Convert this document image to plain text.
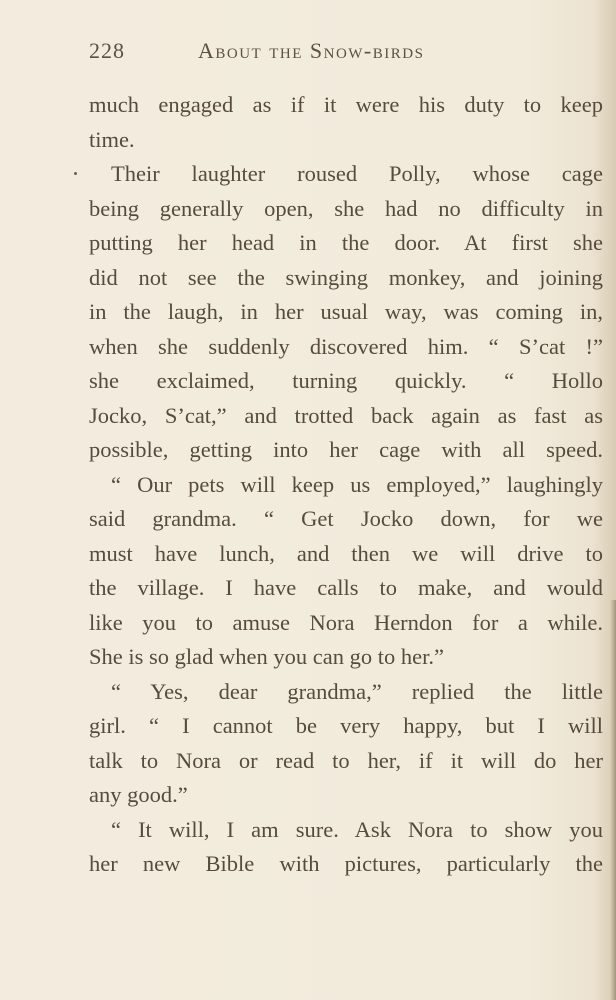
228	About the Snow-birds
much engaged as if it were his duty to keep
time.
Their laughter roused Polly, whose cage
being generally open, she had no difficulty in
putting her head in the door. At first she
did not see the swinging monkey, and joining
in the laugh, in her usual way, was coming in,
when she suddenly discovered him. “ S’cat !”
she exclaimed, turning quickly. “ Hollo
Jocko, S’cat,” and trotted back again as fast as
possible, getting into her cage with all speed.
“ Our pets will keep us employed,” laughingly
said grandma. “ Get Jocko down, for we
must have lunch, and then we will drive to
the village. I have calls to make, and would
like you to amuse Nora Herndon for a while.
She is so glad when you can go to her.”
“ Yes, dear grandma,” replied the little
girl. “ I cannot be very happy, but I will
talk to Nora or read to her, if it will do her
any good.”
“ It will, I am sure. Ask Nora to show you
her new Bible with pictures, particularly the
